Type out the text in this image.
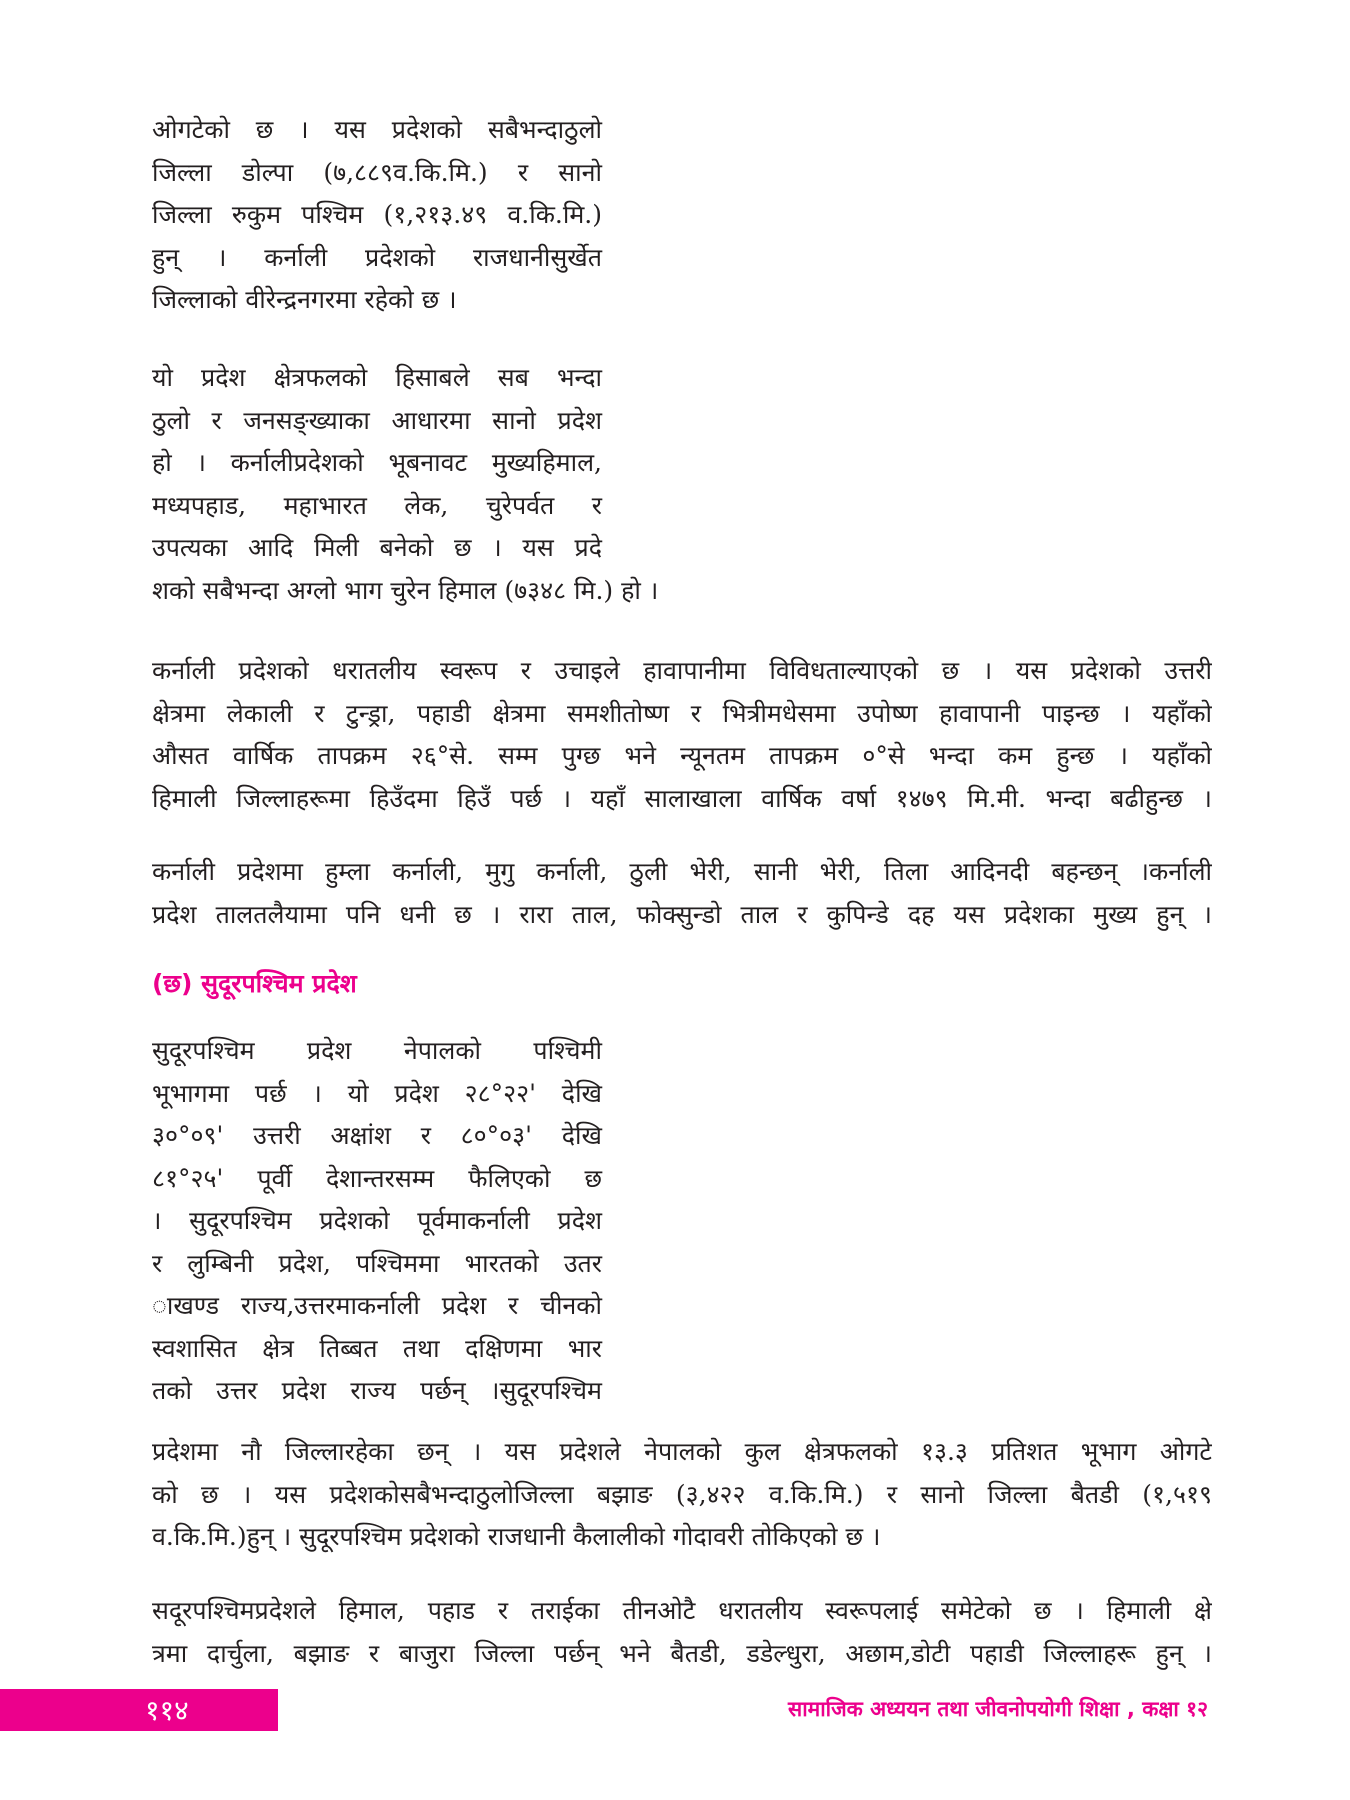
ओगटेको छ । यस प्रदेशको सबैभन्दाठुलो
जिल्ला डोल्पा (७,८८९व.कि.मि.) र सानो
जिल्ला रुकुम पश्चिम (१,२१३.४९ व.कि.मि.)
हुन् । कर्नाली प्रदेशको राजधानीसुर्खेत
जिल्लाको वीरेन्द्रनगरमा रहेको छ ।
यो प्रदेश क्षेत्रफलको हिसाबले सब भन्दा
ठुलो र जनसङ्ख्याका आधारमा सानो प्रदेश
हो । कर्नालीप्रदेशको भूबनावट मुख्यहिमाल,
मध्यपहाड, महाभारत लेक, चुरेपर्वत र
उपत्यका आदि मिली बनेको छ । यस प्रदे
शको सबैभन्दा अग्लो भाग चुरेन हिमाल (७३४८ मि.) हो ।
कर्नाली प्रदेशको धरातलीय स्वरूप र उचाइले हावापानीमा विविधताल्याएको छ । यस प्रदेशको उत्तरी
क्षेत्रमा लेकाली र टुन्ड्रा, पहाडी क्षेत्रमा समशीतोष्ण र भित्रीमधेसमा उपोष्ण हावापानी पाइन्छ । यहाँको
औसत वार्षिक तापक्रम २६°से. सम्म पुग्छ भने न्यूनतम तापक्रम ०°से भन्दा कम हुन्छ । यहाँको
हिमाली जिल्लाहरूमा हिउँदमा हिउँ पर्छ । यहाँ सालाखाला वार्षिक वर्षा १४७९ मि.मी. भन्दा बढीहुन्छ ।
कर्नाली प्रदेशमा हुम्ला कर्नाली, मुगु कर्नाली, ठुली भेरी, सानी भेरी, तिला आदिनदी बहन्छन् ।कर्नाली
प्रदेश तालतलैयामा पनि धनी छ । रारा ताल, फोक्सुन्डो ताल र कुपिन्डे दह यस प्रदेशका मुख्य हुन् ।
(छ) सुदूरपश्चिम प्रदेश
सुदूरपश्चिम प्रदेश नेपालको पश्चिमी
भूभागमा पर्छ । यो प्रदेश २८°२२' देखि
३०°०९' उत्तरी अक्षांश र ८०°०३' देखि
८१°२५' पूर्वी देशान्तरसम्म फैलिएको छ
। सुदूरपश्चिम प्रदेशको पूर्वमाकर्नाली प्रदेश
र लुम्बिनी प्रदेश, पश्चिममा भारतको उतर
ाखण्ड राज्य,उत्तरमाकर्नाली प्रदेश र चीनको
स्वशासित क्षेत्र तिब्बत तथा दक्षिणमा भार
तको उत्तर प्रदेश राज्य पर्छन् ।सुदूरपश्चिम
प्रदेशमा नौ जिल्लारहेका छन् । यस प्रदेशले नेपालको कुल क्षेत्रफलको १३.३ प्रतिशत भूभाग ओगटे
को छ । यस प्रदेशकोसबैभन्दाठुलोजिल्ला बझाङ (३,४२२ व.कि.मि.) र सानो जिल्ला बैतडी (१,५१९
व.कि.मि.)हुन् । सुदूरपश्चिम प्रदेशको राजधानी कैलालीको गोदावरी तोकिएको छ ।
सदूरपश्चिमप्रदेशले हिमाल, पहाड र तराईका तीनओटै धरातलीय स्वरूपलाई समेटेको छ । हिमाली क्षे
त्रमा दार्चुला, बझाङ र बाजुरा जिल्ला पर्छन् भने बैतडी, डडेल्धुरा, अछाम,डोटी पहाडी जिल्लाहरू हुन् ।
११४	सामाजिक अध्ययन तथा जीवनोपयोगी शिक्षा , कक्षा १२
